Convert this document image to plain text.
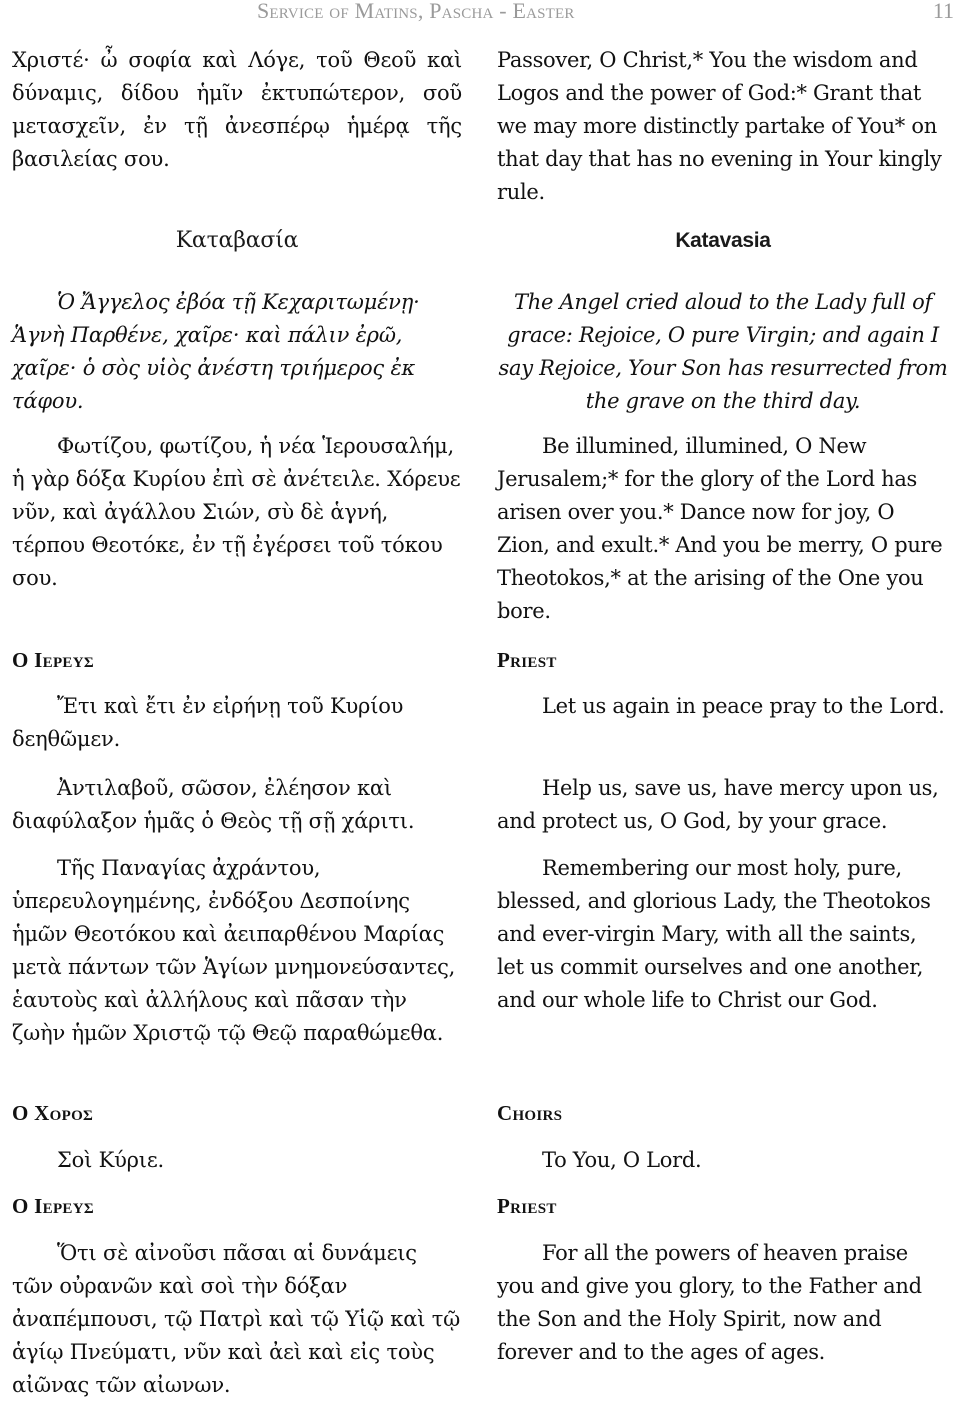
Service of Matins, Pascha - Easter	11
Χριστέ· ὦ σοφία καὶ Λόγε, τοῦ Θεοῦ καὶ δύναμις, δίδου ἡμῖν ἐκτυπώτερον, σοῦ μετασχεῖν, ἐν τῇ ἀνεσπέρῳ ἡμέρᾳ τῆς βασιλείας σου.
Καταβασία
Ὁ Ἄγγελος ἐβόα τῇ Κεχαριτωμένῃ· Ἁγνὴ Παρθένε, χαῖρε· καὶ πάλιν ἐρῶ, χαῖρε· ὁ σὸς υἱὸς ἀνέστη τριήμερος ἐκ τάφου.
Φωτίζου, φωτίζου, ἡ νέα Ἱερουσαλήμ, ἡ γὰρ δόξα Κυρίου ἐπὶ σὲ ἀνέτειλε. Χόρευε νῦν, καὶ ἀγάλλου Σιών, σὺ δὲ ἁγνή, τέρπου Θεοτόκε, ἐν τῇ ἐγέρσει τοῦ τόκου σου.
Ο Ιερευς
Ἔτι καὶ ἔτι ἐν εἰρήνῃ τοῦ Κυρίου δεηθῶμεν.
Ἀντιλαβοῦ, σῶσον, ἐλέησον καὶ διαφύλαξον ἡμᾶς ὁ Θεὸς τῇ σῇ χάριτι.
Τῆς Παναγίας ἀχράντου, ὑπερευλογημένης, ἐνδόξου Δεσποίνης ἡμῶν Θεοτόκου καὶ ἀειπαρθένου Μαρίας μετὰ πάντων τῶν Ἁγίων μνημονεύσαντες, ἑαυτοὺς καὶ ἀλλήλους καὶ πᾶσαν τὴν ζωὴν ἡμῶν Χριστῷ τῷ Θεῷ παραθώμεθα.
Ο Χορος
Σοὶ Κύριε.
Ο Ιερευς
Ὅτι σὲ αἰνοῦσι πᾶσαι αἱ δυνάμεις τῶν οὐρανῶν καὶ σοὶ τὴν δόξαν ἀναπέμπουσι, τῷ Πατρὶ καὶ τῷ Υἱῷ καὶ τῷ ἁγίῳ Πνεύματι, νῦν καὶ ἀεὶ καὶ εἰς τοὺς αἰῶνας τῶν αἰωνων.
Passover, O Christ,* You the wisdom and Logos and the power of God:* Grant that we may more distinctly partake of You* on that day that has no evening in Your kingly rule.
Katavasia
The Angel cried aloud to the Lady full of grace: Rejoice, O pure Virgin; and again I say Rejoice, Your Son has resurrected from the grave on the third day.
Be illumined, illumined, O New Jerusalem;* for the glory of the Lord has arisen over you.* Dance now for joy, O Zion, and exult.* And you be merry, O pure Theotokos,* at the arising of the One you bore.
Priest
Let us again in peace pray to the Lord.
Help us, save us, have mercy upon us, and protect us, O God, by your grace.
Remembering our most holy, pure, blessed, and glorious Lady, the Theotokos and ever-virgin Mary, with all the saints, let us commit ourselves and one another, and our whole life to Christ our God.
Choirs
To You, O Lord.
Priest
For all the powers of heaven praise you and give you glory, to the Father and the Son and the Holy Spirit, now and forever and to the ages of ages.
